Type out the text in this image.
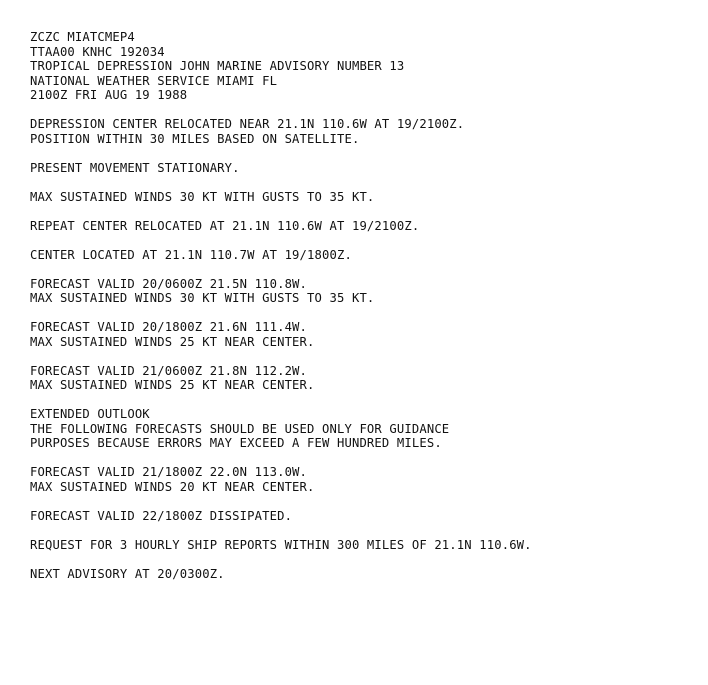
ZCZC MIATCMEP4
TTAA00 KNHC 192034
TROPICAL DEPRESSION JOHN MARINE ADVISORY NUMBER 13
NATIONAL WEATHER SERVICE MIAMI FL
2100Z FRI AUG 19 1988
DEPRESSION CENTER RELOCATED NEAR 21.1N 110.6W AT 19/2100Z.
POSITION WITHIN 30 MILES BASED ON SATELLITE.
PRESENT MOVEMENT STATIONARY.
MAX SUSTAINED WINDS 30 KT WITH GUSTS TO 35 KT.
REPEAT CENTER RELOCATED AT 21.1N 110.6W AT 19/2100Z.
CENTER LOCATED AT 21.1N 110.7W AT 19/1800Z.
FORECAST VALID 20/0600Z 21.5N 110.8W.
MAX SUSTAINED WINDS 30 KT WITH GUSTS TO 35 KT.
FORECAST VALID 20/1800Z 21.6N 111.4W.
MAX SUSTAINED WINDS 25 KT NEAR CENTER.
FORECAST VALID 21/0600Z 21.8N 112.2W.
MAX SUSTAINED WINDS 25 KT NEAR CENTER.
EXTENDED OUTLOOK
THE FOLLOWING FORECASTS SHOULD BE USED ONLY FOR GUIDANCE
PURPOSES BECAUSE ERRORS MAY EXCEED A FEW HUNDRED MILES.
FORECAST VALID 21/1800Z 22.0N 113.0W.
MAX SUSTAINED WINDS 20 KT NEAR CENTER.
FORECAST VALID 22/1800Z DISSIPATED.
REQUEST FOR 3 HOURLY SHIP REPORTS WITHIN 300 MILES OF 21.1N 110.6W.
NEXT ADVISORY AT 20/0300Z.
